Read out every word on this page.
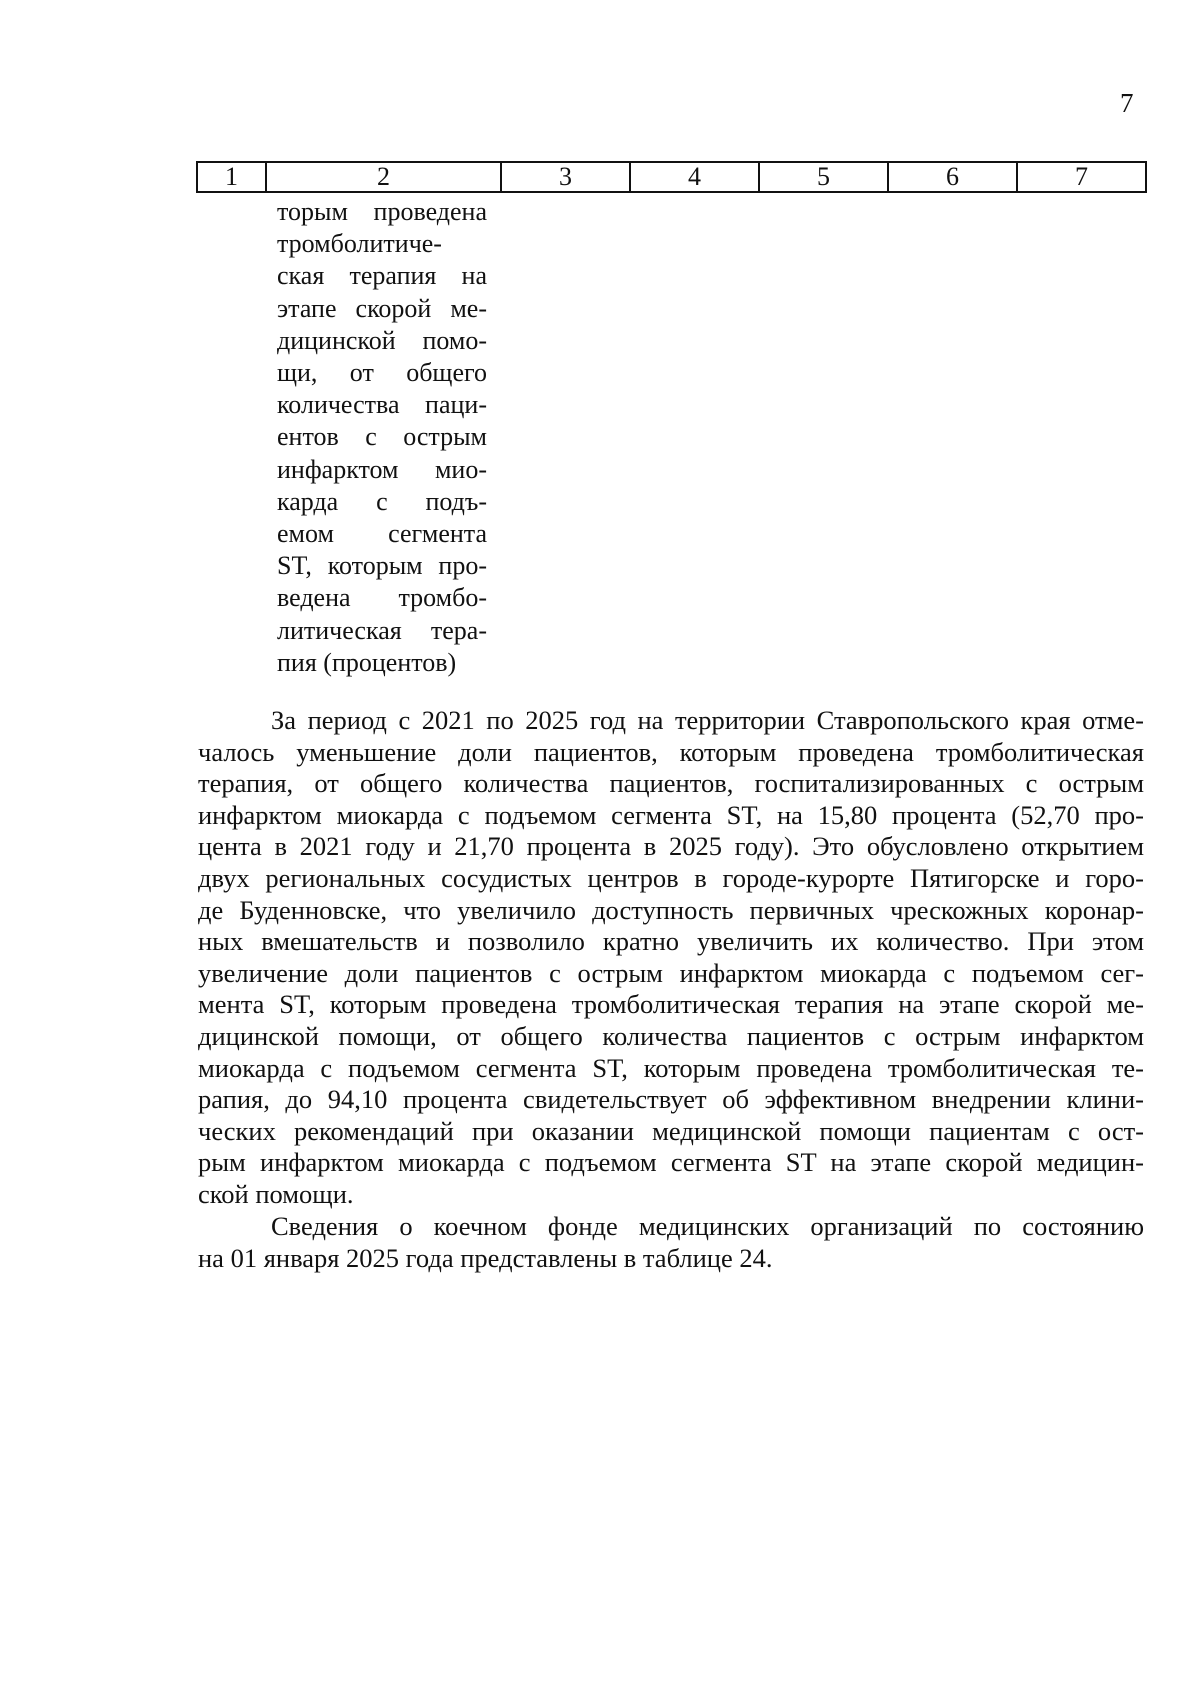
7
1	2	3	4	5	6	7
торым проведена
тромболитиче-
ская терапия на
этапе скорой ме-
дицинской помо-
щи, от общего
количества паци-
ентов с острым
инфарктом мио-
карда с подъ-
емом сегмента
ST, которым про-
ведена тромбо-
литическая тера-
пия (процентов)
За период с 2021 по 2025 год на территории Ставропольского края отме-
чалось уменьшение доли пациентов, которым проведена тромболитическая
терапия, от общего количества пациентов, госпитализированных с острым
инфарктом миокарда с подъемом сегмента ST, на 15,80 процента (52,70 про-
цента в 2021 году и 21,70 процента в 2025 году). Это обусловлено открытием
двух региональных сосудистых центров в городе-курорте Пятигорске и горо-
де Буденновске, что увеличило доступность первичных чрескожных коронар-
ных вмешательств и позволило кратно увеличить их количество. При этом
увеличение доли пациентов с острым инфарктом миокарда с подъемом сег-
мента ST, которым проведена тромболитическая терапия на этапе скорой ме-
дицинской помощи, от общего количества пациентов с острым инфарктом
миокарда с подъемом сегмента ST, которым проведена тромболитическая те-
рапия, до 94,10 процента свидетельствует об эффективном внедрении клини-
ческих рекомендаций при оказании медицинской помощи пациентам с ост-
рым инфарктом миокарда с подъемом сегмента ST на этапе скорой медицин-
ской помощи.
Сведения о коечном фонде медицинских организаций по состоянию
на 01 января 2025 года представлены в таблице 24.
